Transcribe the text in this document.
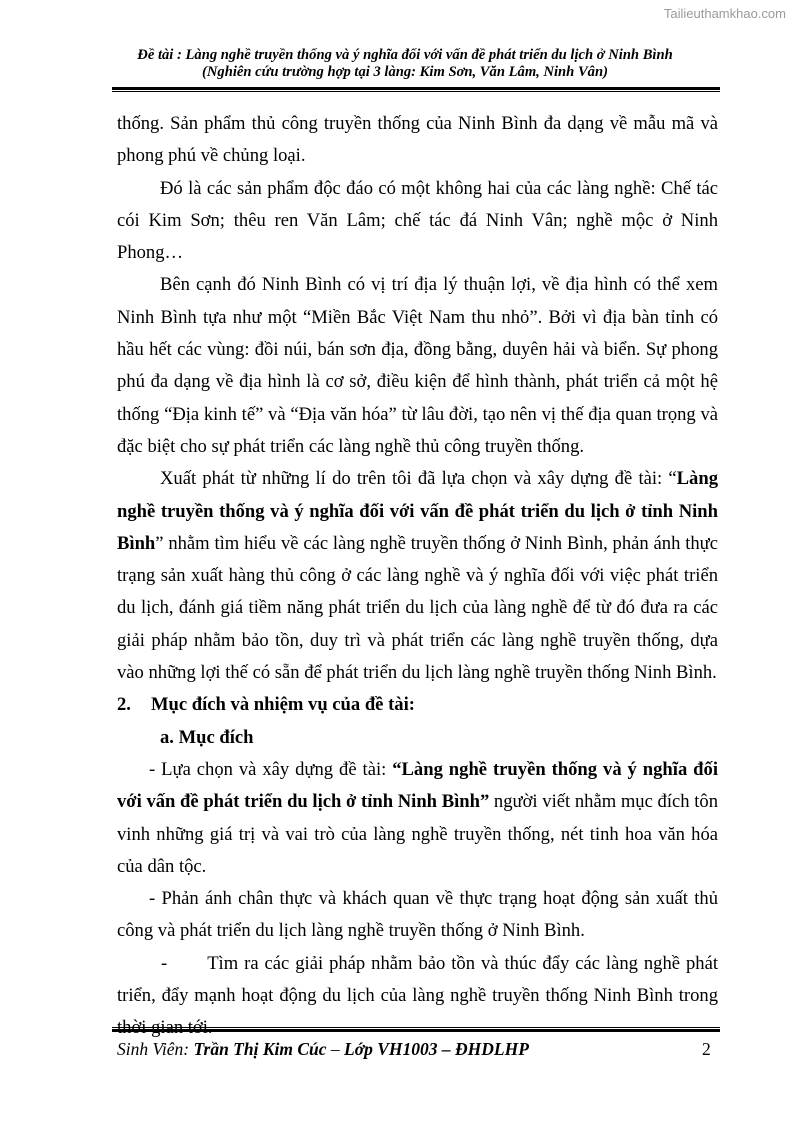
Tailieuthamkhao.com
Đề tài : Làng nghề truyền thống và ý nghĩa đối với vấn đề phát triển du lịch ở Ninh Bình
(Nghiên cứu trường hợp tại 3 làng: Kim Sơn, Văn Lâm, Ninh Vân)

thống. Sản phẩm thủ công truyền thống của Ninh Bình đa dạng về mẫu mã và phong phú về chủng loại.

Đó là các sản phẩm độc đáo có một không hai của các làng nghề: Chế tác cói Kim Sơn; thêu ren Văn Lâm; chế tác đá Ninh Vân; nghề mộc ở Ninh Phong…

Bên cạnh đó Ninh Bình có vị trí địa lý thuận lợi, về địa hình có thể xem Ninh Bình tựa như một “Miền Bắc Việt Nam thu nhỏ”. Bởi vì địa bàn tỉnh có hầu hết các vùng: đồi núi, bán sơn địa, đồng bằng, duyên hải và biển. Sự phong phú đa dạng về địa hình là cơ sở, điều kiện để hình thành, phát triển cả một hệ thống “Địa kinh tế” và “Địa văn hóa” từ lâu đời, tạo nên vị thế địa quan trọng và đặc biệt cho sự phát triển các làng nghề thủ công truyền thống.

Xuất phát từ những lí do trên tôi đã lựa chọn và xây dựng đề tài: “Làng nghề truyền thống và ý nghĩa đối với vấn đề phát triển du lịch ở tỉnh Ninh Bình” nhằm tìm hiểu về các làng nghề truyền thống ở Ninh Bình, phản ánh thực trạng sản xuất hàng thủ công ở các làng nghề và ý nghĩa đối với việc phát triển du lịch, đánh giá tiềm năng phát triển du lịch của làng nghề để từ đó đưa ra các giải pháp nhằm bảo tồn, duy trì và phát triển các làng nghề truyền thống, dựa vào những lợi thế có sẵn để phát triển du lịch làng nghề truyền thống Ninh Bình.

2.	Mục đích và nhiệm vụ của đề tài:

a. Mục đích

- Lựa chọn và xây dựng đề tài: “Làng nghề truyền thống và ý nghĩa đối với vấn đề phát triển du lịch ở tỉnh Ninh Bình” người viết nhằm mục đích tôn vinh những giá trị và vai trò của làng nghề truyền thống, nét tinh hoa văn hóa của dân tộc.

- Phản ánh chân thực và khách quan về thực trạng hoạt động sản xuất thủ công và phát triển du lịch làng nghề truyền thống ở Ninh Bình.

- Tìm ra các giải pháp nhằm bảo tồn và thúc đẩy các làng nghề phát triển, đẩy mạnh hoạt động du lịch của làng nghề truyền thống Ninh Bình trong thời gian tới.

Sinh Viên: Trần Thị Kim Cúc – Lớp VH1003 – ĐHDLHP	2
